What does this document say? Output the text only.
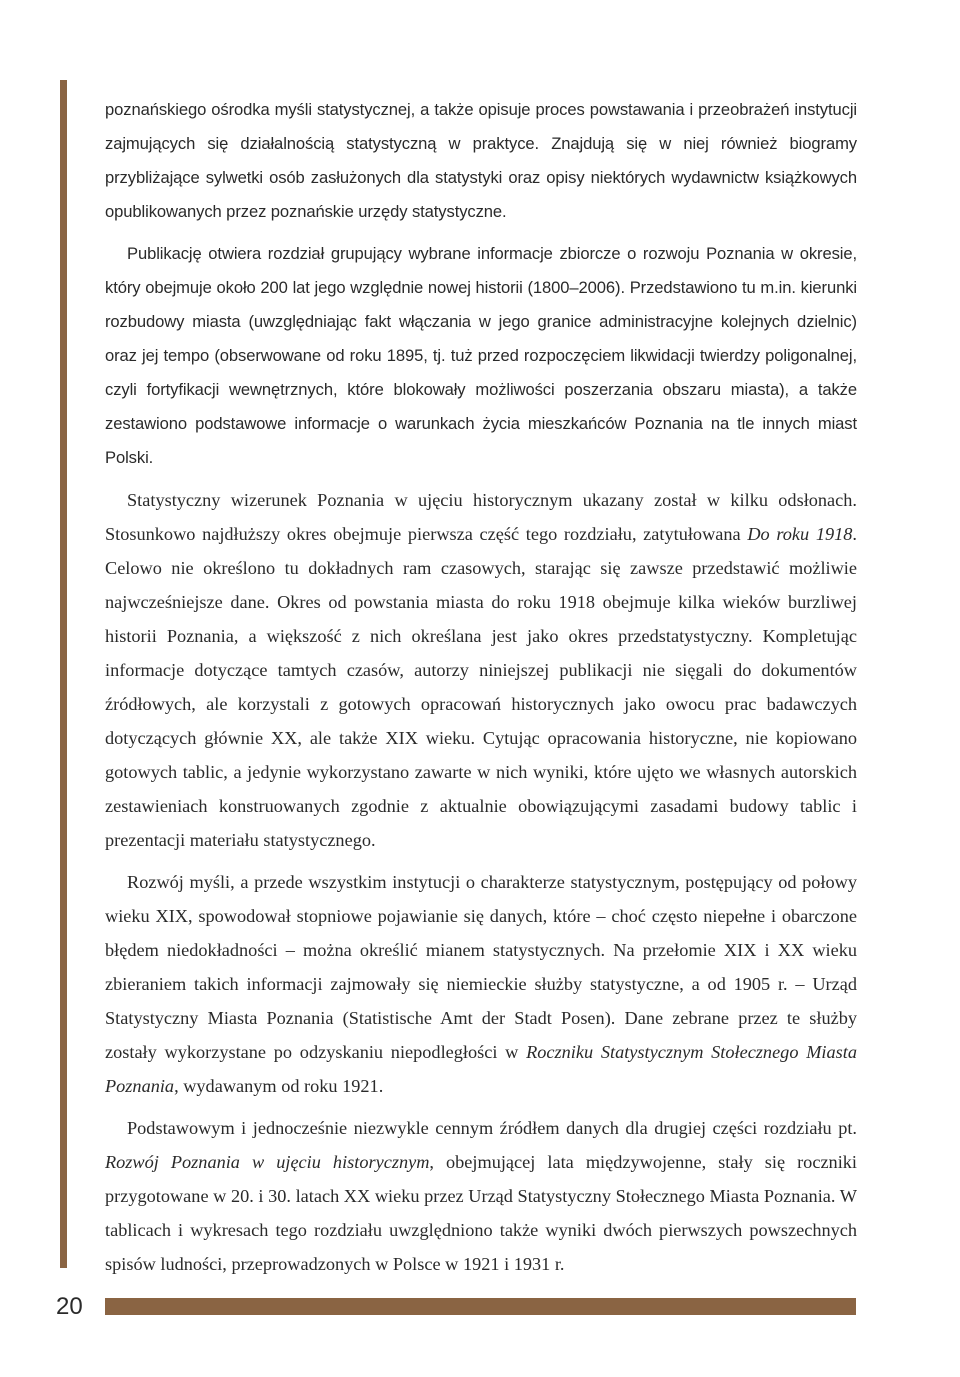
poznańskiego ośrodka myśli statystycznej, a także opisuje proces powstawania i przeobrażeń instytucji zajmujących się działalnością statystyczną w praktyce. Znajdują się w niej również biogramy przybliżające sylwetki osób zasłużonych dla statystyki oraz opisy niektórych wydawnictw książkowych opublikowanych przez poznańskie urzędy statystyczne.

Publikację otwiera rozdział grupujący wybrane informacje zbiorcze o rozwoju Poznania w okresie, który obejmuje około 200 lat jego względnie nowej historii (1800–2006). Przedstawiono tu m.in. kierunki rozbudowy miasta (uwzględniając fakt włączania w jego granice administracyjne kolejnych dzielnic) oraz jej tempo (obserwowane od roku 1895, tj. tuż przed rozpoczęciem likwidacji twierdzy poligonalnej, czyli fortyfikacji wewnętrznych, które blokowały możliwości poszerzania obszaru miasta), a także zestawiono podstawowe informacje o warunkach życia mieszkańców Poznania na tle innych miast Polski.

Statystyczny wizerunek Poznania w ujęciu historycznym ukazany został w kilku odsłonach. Stosunkowo najdłuższy okres obejmuje pierwsza część tego rozdziału, zatytułowana Do roku 1918. Celowo nie określono tu dokładnych ram czasowych, starając się zawsze przedstawić możliwie najwcześniejsze dane. Okres od powstania miasta do roku 1918 obejmuje kilka wieków burzliwej historii Poznania, a większość z nich określana jest jako okres przedstatystyczny. Kompletując informacje dotyczące tamtych czasów, autorzy niniejszej publikacji nie sięgali do dokumentów źródłowych, ale korzystali z gotowych opracowań historycznych jako owocu prac badawczych dotyczących głównie XX, ale także XIX wieku. Cytując opracowania historyczne, nie kopiowano gotowych tablic, a jedynie wykorzystano zawarte w nich wyniki, które ujęto we własnych autorskich zestawieniach konstruowanych zgodnie z aktualnie obowiązującymi zasadami budowy tablic i prezentacji materiału statystycznego.

Rozwój myśli, a przede wszystkim instytucji o charakterze statystycznym, postępujący od połowy wieku XIX, spowodował stopniowe pojawianie się danych, które – choć często niepełne i obarczone błędem niedokładności – można określić mianem statystycznych. Na przełomie XIX i XX wieku zbieraniem takich informacji zajmowały się niemieckie służby statystyczne, a od 1905 r. – Urząd Statystyczny Miasta Poznania (Statistische Amt der Stadt Posen). Dane zebrane przez te służby zostały wykorzystane po odzyskaniu niepodległości w Roczniku Statystycznym Stołecznego Miasta Poznania, wydawanym od roku 1921.

Podstawowym i jednocześnie niezwykle cennym źródłem danych dla drugiej części rozdziału pt. Rozwój Poznania w ujęciu historycznym, obejmującej lata międzywojenne, stały się roczniki przygotowane w 20. i 30. latach XX wieku przez Urząd Statystyczny Stołecznego Miasta Poznania. W tablicach i wykresach tego rozdziału uwzględniono także wyniki dwóch pierwszych powszechnych spisów ludności, przeprowadzonych w Polsce w 1921 i 1931 r.

20
